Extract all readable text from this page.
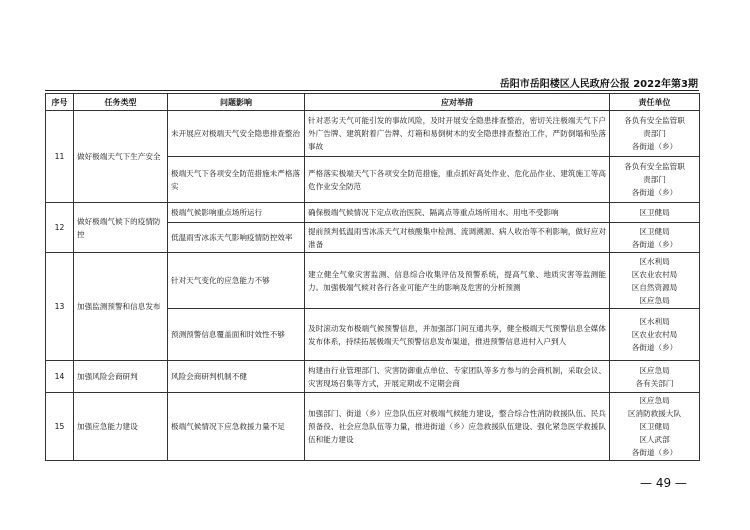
岳阳市岳阳楼区人民政府公报 2022年第3期
序号	任务类型	问题影响	应对举措	责任单位
11	做好极端天气下生产安全	未开展应对极端天气安全隐患排查整治	针对恶劣天气可能引发的事故风险，及时开展安全隐患排查整治，密切关注极端天气下户外广告牌、建筑附着广告牌、灯箱和易倒树木的安全隐患排查整治工作，严防倒塌和坠落事故	各负有安全监管职
责部门
各街道（乡）

		极端天气下各项安全防范措施未严格落实	严格落实极端天气下各项安全防范措施，重点抓好高处作业、危化品作业、建筑施工等高危作业安全防范	各负有安全监管职
责部门
各街道（乡）

12	做好极端气候下的疫情防控	极端气候影响重点场所运行	确保极端气候情况下定点收治医院、隔离点等重点场所用水、用电不受影响	区卫健局

		低温雨雪冰冻天气影响疫情防控效率	提前预判低温雨雪冰冻天气对核酸集中检测、流调溯源、病人收治等不利影响，做好应对准备	区卫健局
各街道（乡）

13	加强监测预警和信息发布	针对天气变化的应急能力不够	建立健全气象灾害监测、信息综合收集评估及预警系统，提高气象、地质灾害等监测能力。加强极端气候对各行各业可能产生的影响及危害的分析预测	区水利局
区农业农村局
区自然资源局
区应急局

		预测预警信息覆盖面和时效性不够	及时滚动发布极端气候预警信息，并加强部门间互通共享，健全极端天气预警信息全媒体发布体系，持续拓展极端天气预警信息发布渠道，推进预警信息进村入户到人	区水利局
区农业农村局
各街道（乡）

14	加强风险会商研判	风险会商研判机制不健	构建由行业管理部门、灾害防御重点单位、专家团队等多方参与的会商机制，采取会议、灾害现场召集等方式，开展定期或不定期会商	区应急局
各有关部门

15	加强应急能力建设	极端气候情况下应急救援力量不足	加强部门、街道（乡）应急队伍应对极端气候能力建设，整合综合性消防救援队伍、民兵预备役、社会应急队伍等力量，推进街道（乡）应急救援队伍建设、强化紧急医学救援队伍和能力建设	区应急局
区消防救援大队
区卫健局
区人武部
各街道（乡）
— 49 —
